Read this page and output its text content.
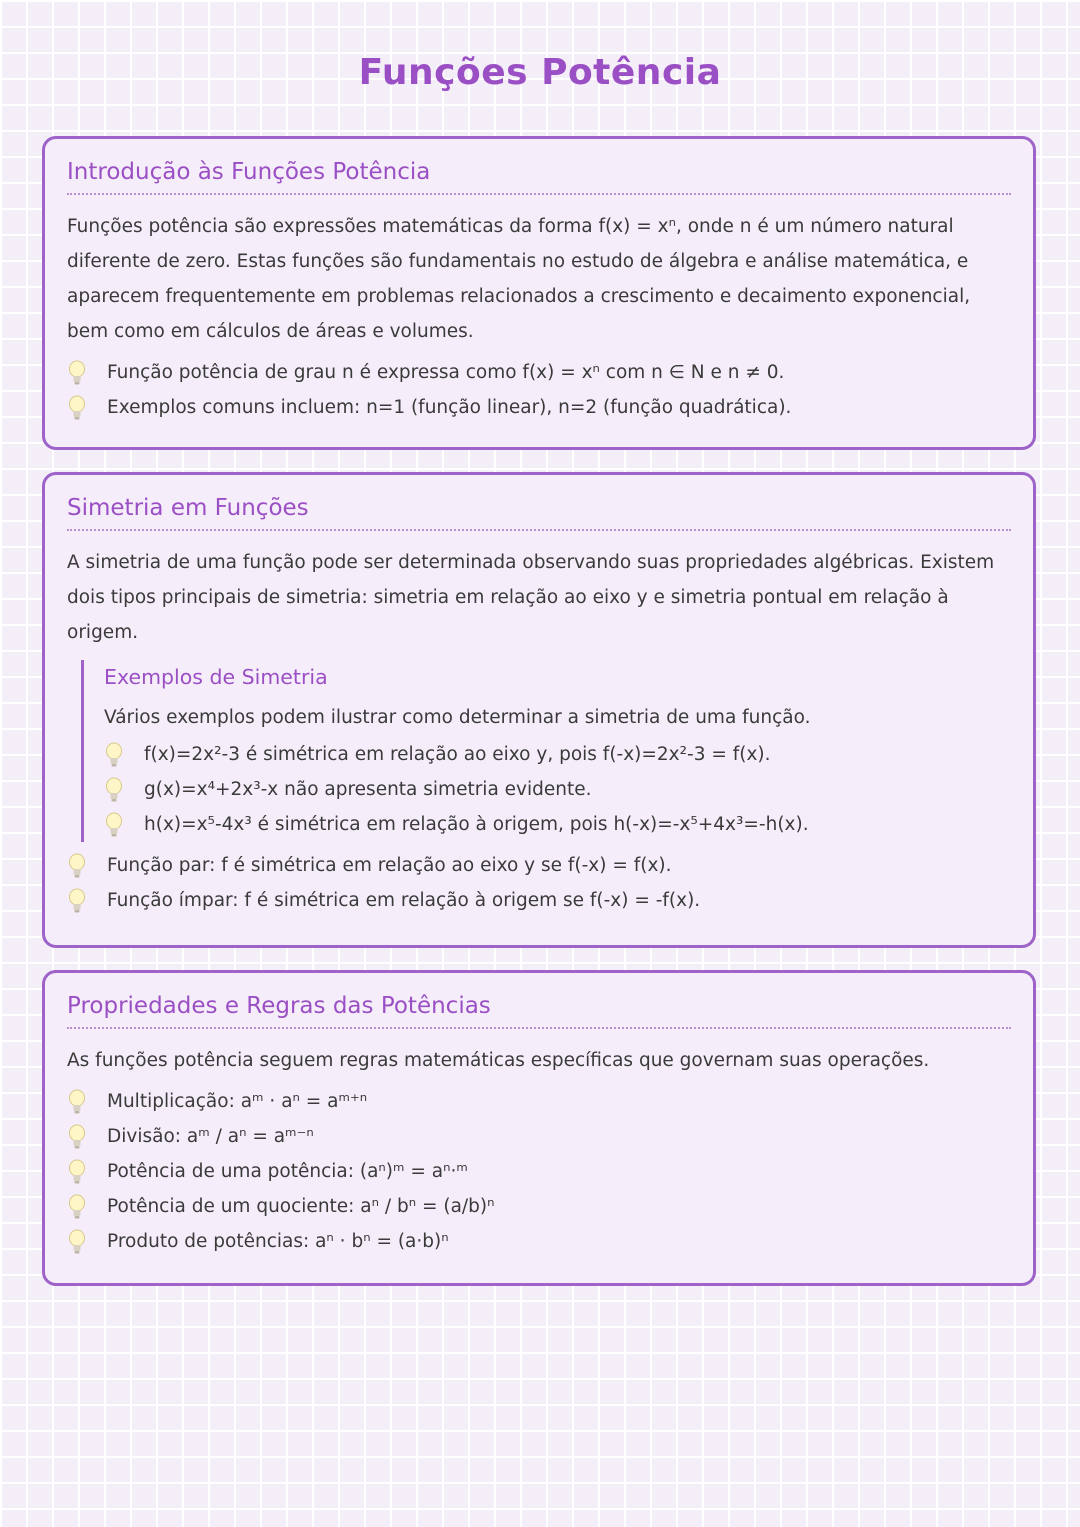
Funções Potência
Introdução às Funções Potência

Funções potência são expressões matemáticas da forma f(x) = xⁿ, onde n é um número natural diferente de zero. Estas funções são fundamentais no estudo de álgebra e análise matemática, e aparecem frequentemente em problemas relacionados a crescimento e decaimento exponencial, bem como em cálculos de áreas e volumes.

Função potência de grau n é expressa como f(x) = xⁿ com n ∈ N e n ≠ 0.
Exemplos comuns incluem: n=1 (função linear), n=2 (função quadrática).
Simetria em Funções

A simetria de uma função pode ser determinada observando suas propriedades algébricas. Existem dois tipos principais de simetria: simetria em relação ao eixo y e simetria pontual em relação à origem.

Exemplos de Simetria

Vários exemplos podem ilustrar como determinar a simetria de uma função.

f(x)=2x²-3 é simétrica em relação ao eixo y, pois f(-x)=2x²-3 = f(x).
g(x)=x⁴+2x³-x não apresenta simetria evidente.
h(x)=x⁵-4x³ é simétrica em relação à origem, pois h(-x)=-x⁵+4x³=-h(x).
Função par: f é simétrica em relação ao eixo y se f(-x) = f(x).
Função ímpar: f é simétrica em relação à origem se f(-x) = -f(x).
Propriedades e Regras das Potências

As funções potência seguem regras matemáticas específicas que governam suas operações.

Multiplicação: aᵐ · aⁿ = aᵐ⁺ⁿ
Divisão: aᵐ / aⁿ = aᵐ⁻ⁿ
Potência de uma potência: (aⁿ)ᵐ = aⁿ·ᵐ
Potência de um quociente: aⁿ / bⁿ = (a/b)ⁿ
Produto de potências: aⁿ · bⁿ = (a·b)ⁿ
